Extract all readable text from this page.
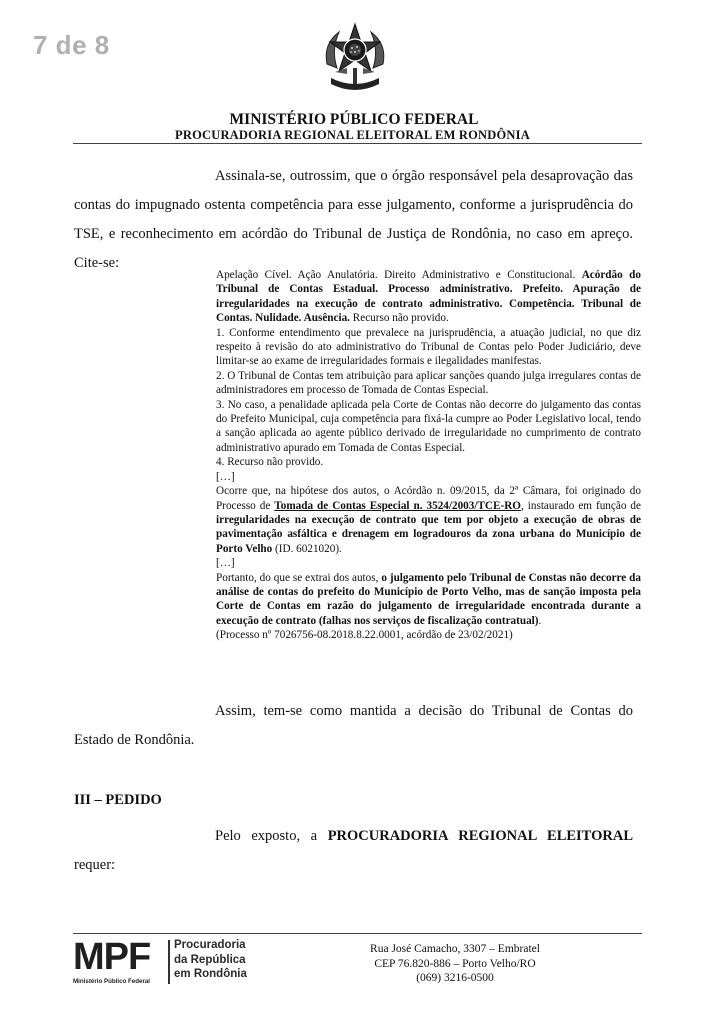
7 de 8
MINISTÉRIO PÚBLICO FEDERAL
PROCURADORIA REGIONAL ELEITORAL EM RONDÔNIA
Assinala-se, outrossim, que o órgão responsável pela desaprovação das contas do impugnado ostenta competência para esse julgamento, conforme a jurisprudência do TSE, e reconhecimento em acórdão do Tribunal de Justiça de Rondônia, no caso em apreço. Cite-se:
Apelação Cível. Ação Anulatória. Direito Administrativo e Constitucional. Acórdão do Tribunal de Contas Estadual. Processo administrativo. Prefeito. Apuração de irregularidades na execução de contrato administrativo. Competência. Tribunal de Contas. Nulidade. Ausência. Recurso não provido.
1. Conforme entendimento que prevalece na jurisprudência, a atuação judicial, no que diz respeito à revisão do ato administrativo do Tribunal de Contas pelo Poder Judiciário, deve limitar-se ao exame de irregularidades formais e ilegalidades manifestas.
2. O Tribunal de Contas tem atribuição para aplicar sanções quando julga irregulares contas de administradores em processo de Tomada de Contas Especial.
3. No caso, a penalidade aplicada pela Corte de Contas não decorre do julgamento das contas do Prefeito Municipal, cuja competência para fixá-la cumpre ao Poder Legislativo local, tendo a sanção aplicada ao agente público derivado de irregularidade no cumprimento de contrato administrativo apurado em Tomada de Contas Especial.
4. Recurso não provido.
[…]
Ocorre que, na hipótese dos autos, o Acórdão n. 09/2015, da 2ª Câmara, foi originado do Processo de Tomada de Contas Especial n. 3524/2003/TCE-RO, instaurado em função de irregularidades na execução de contrato que tem por objeto a execução de obras de pavimentação asfáltica e drenagem em logradouros da zona urbana do Município de Porto Velho (ID. 6021020).
[…]
Portanto, do que se extrai dos autos, o julgamento pelo Tribunal de Constas não decorre da análise de contas do prefeito do Município de Porto Velho, mas de sanção imposta pela Corte de Contas em razão do julgamento de irregularidade encontrada durante a execução de contrato (falhas nos serviços de fiscalização contratual).
(Processo nº 7026756-08.2018.8.22.0001, acórdão de 23/02/2021)
Assim, tem-se como mantida a decisão do Tribunal de Contas do Estado de Rondônia.
III – PEDIDO
Pelo exposto, a PROCURADORIA REGIONAL ELEITORAL requer:
MPF
Ministério Público Federal
Procuradoria
da República
em Rondônia
Rua José Camacho, 3307 – Embratel
CEP 76.820-886 – Porto Velho/RO
(069) 3216-0500
